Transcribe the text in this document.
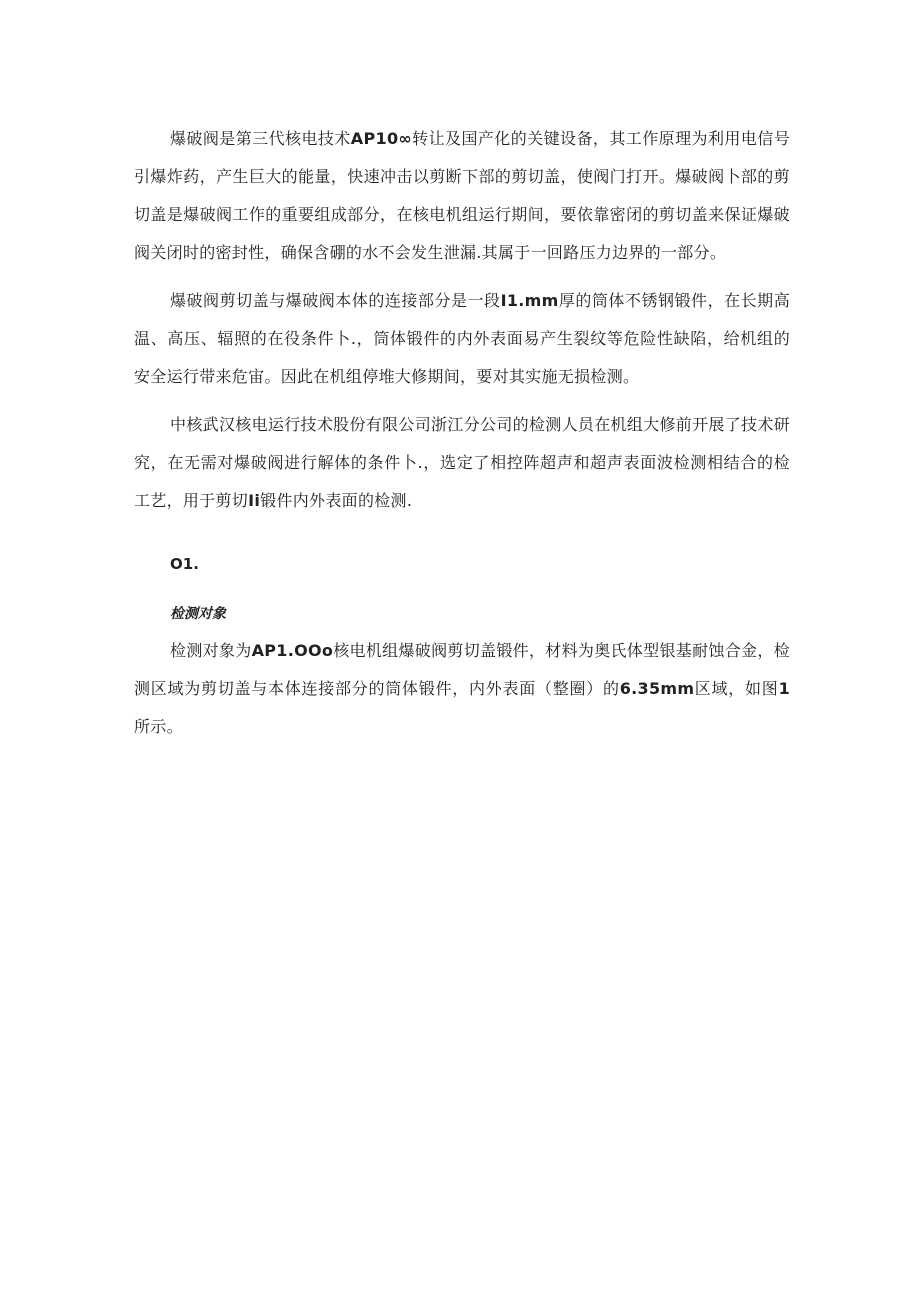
爆破阀是第三代核电技术AP10∞转让及国产化的关键设备，其工作原理为利用电信号引爆炸药，产生巨大的能量，快速冲击以剪断下部的剪切盖，使阀门打开。爆破阀卜部的剪切盖是爆破阀工作的重要组成部分，在核电机组运行期间，要依靠密闭的剪切盖来保证爆破阀关闭时的密封性，确保含硼的水不会发生泄漏.其属于一回路压力边界的一部分。

爆破阀剪切盖与爆破阀本体的连接部分是一段I1.mm厚的筒体不锈钢锻件，在长期高温、高压、辐照的在役条件卜.，筒体锻件的内外表面易产生裂纹等危险性缺陷，给机组的安全运行带来危宙。因此在机组停堆大修期间，要对其实施无损检测。

中核武汉核电运行技术股份有限公司浙江分公司的检测人员在机组大修前开展了技术研究，在无需对爆破阀进行解体的条件卜.，选定了相控阵超声和超声表面波检测相结合的检工艺，用于剪切Ii锻件内外表面的检测.

O1.
检测对象

检测对象为AP1.OOo核电机组爆破阀剪切盖锻件，材料为奥氏体型银基耐蚀合金，检测区域为剪切盖与本体连接部分的筒体锻件，内外表面（整圈）的6.35mm区域，如图1所示。
